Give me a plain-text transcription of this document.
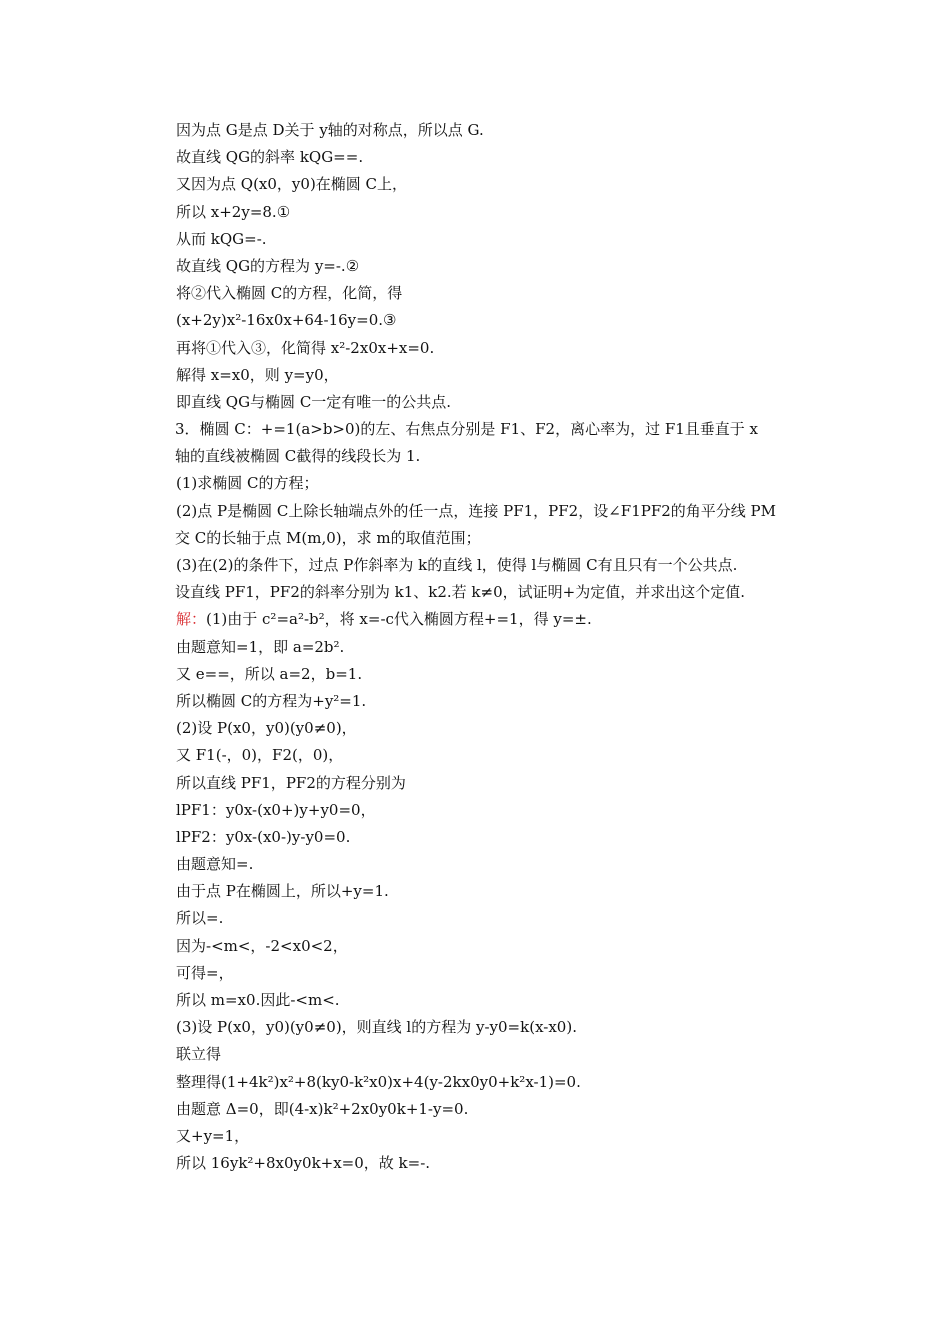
因为点 G是点 D关于 y轴的对称点，所以点 G.
故直线 QG的斜率 kQG==.
又因为点 Q(x0，y0)在椭圆 C上，
所以 x+2y=8.①
从而 kQG=-.
故直线 QG的方程为 y=-.②
将②代入椭圆 C的方程，化简，得
(x+2y)x²-16x0x+64-16y=0.③
再将①代入③，化简得 x²-2x0x+x=0.
解得 x=x0，则 y=y0，
即直线 QG与椭圆 C一定有唯一的公共点.
3．椭圆 C：+=1(a>b>0)的左、右焦点分别是 F1、F2，离心率为，过 F1且垂直于 x
轴的直线被椭圆 C截得的线段长为 1.
(1)求椭圆 C的方程；
(2)点 P是椭圆 C上除长轴端点外的任一点，连接 PF1，PF2，设∠F1PF2的角平分线 PM
交 C的长轴于点 M(m,0)，求 m的取值范围；
(3)在(2)的条件下，过点 P作斜率为 k的直线 l，使得 l与椭圆 C有且只有一个公共点.
设直线 PF1，PF2的斜率分别为 k1、k2.若 k≠0，试证明+为定值，并求出这个定值.
解：(1)由于 c²=a²-b²，将 x=-c代入椭圆方程+=1，得 y=±.
由题意知=1，即 a=2b².
又 e==，所以 a=2，b=1.
所以椭圆 C的方程为+y²=1.
(2)设 P(x0，y0)(y0≠0)，
又 F1(-，0)，F2(，0)，
所以直线 PF1，PF2的方程分别为
lPF1：y0x-(x0+)y+y0=0，
lPF2：y0x-(x0-)y-y0=0.
由题意知=.
由于点 P在椭圆上，所以+y=1.
所以=.
因为-<m<，-2<x0<2，
可得=，
所以 m=x0.因此-<m<.
(3)设 P(x0，y0)(y0≠0)，则直线 l的方程为 y-y0=k(x-x0).
联立得
整理得(1+4k²)x²+8(ky0-k²x0)x+4(y-2kx0y0+k²x-1)=0.
由题意 Δ=0，即(4-x)k²+2x0y0k+1-y=0.
又+y=1，
所以 16yk²+8x0y0k+x=0，故 k=-.
